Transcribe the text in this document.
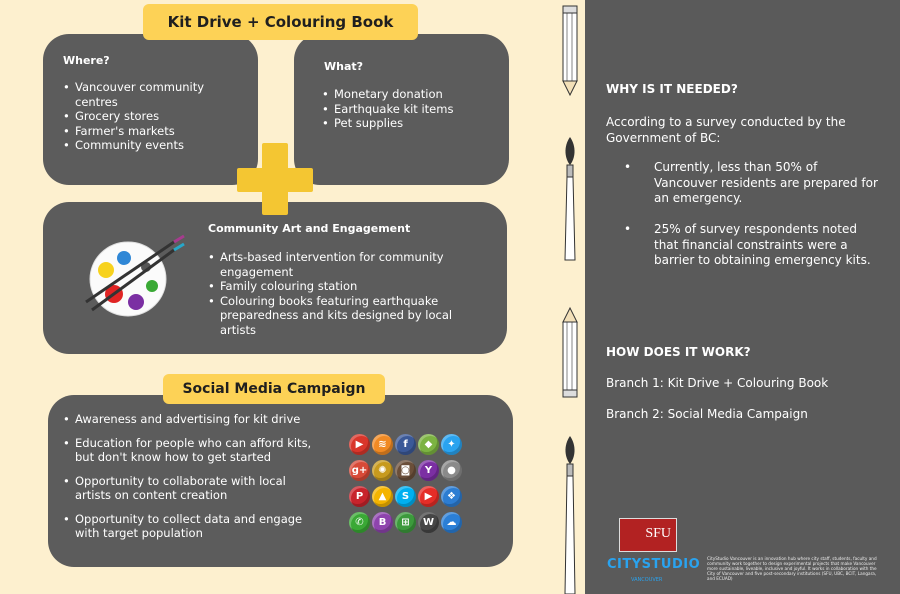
Where?
• Vancouver community centres
• Grocery stores
• Farmer's markets
• Community events
What?
• Monetary donation
• Earthquake kit items
• Pet supplies
Kit Drive + Colouring Book
Community Art and Engagement
• Arts-based intervention for community engagement
• Family colouring station
• Colouring books featuring earthquake preparedness and kits designed by local artists
• Awareness and advertising for kit drive
• Education for people who can afford kits, but don't know how to get started
• Opportunity to collaborate with local artists on content creation
• Opportunity to collect data and engage with target population
Social Media Campaign
▶	≋	f	◆	✦
g+	✺	◙	Y	●
P	▲	S	▶	❖
✆	B	⊞	W	☁
WHY IS IT NEEDED?
According to a survey conducted by the Government of BC:
• Currently, less than 50% of Vancouver residents are prepared for an emergency.
• 25% of survey respondents noted that financial constraints were a barrier to obtaining emergency kits.
HOW DOES IT WORK?
Branch 1: Kit Drive + Colouring Book
Branch 2: Social Media Campaign
SFU
CITYSTUDIO
VANCOUVER
CityStudio Vancouver is an innovation hub where city staff, students, faculty and community work together to design experimental projects that make Vancouver more sustainable, liveable, inclusive and joyful. It works in collaboration with the City of Vancouver and five post-secondary institutions (SFU, UBC, BCIT, Langara, and ECUAD)
